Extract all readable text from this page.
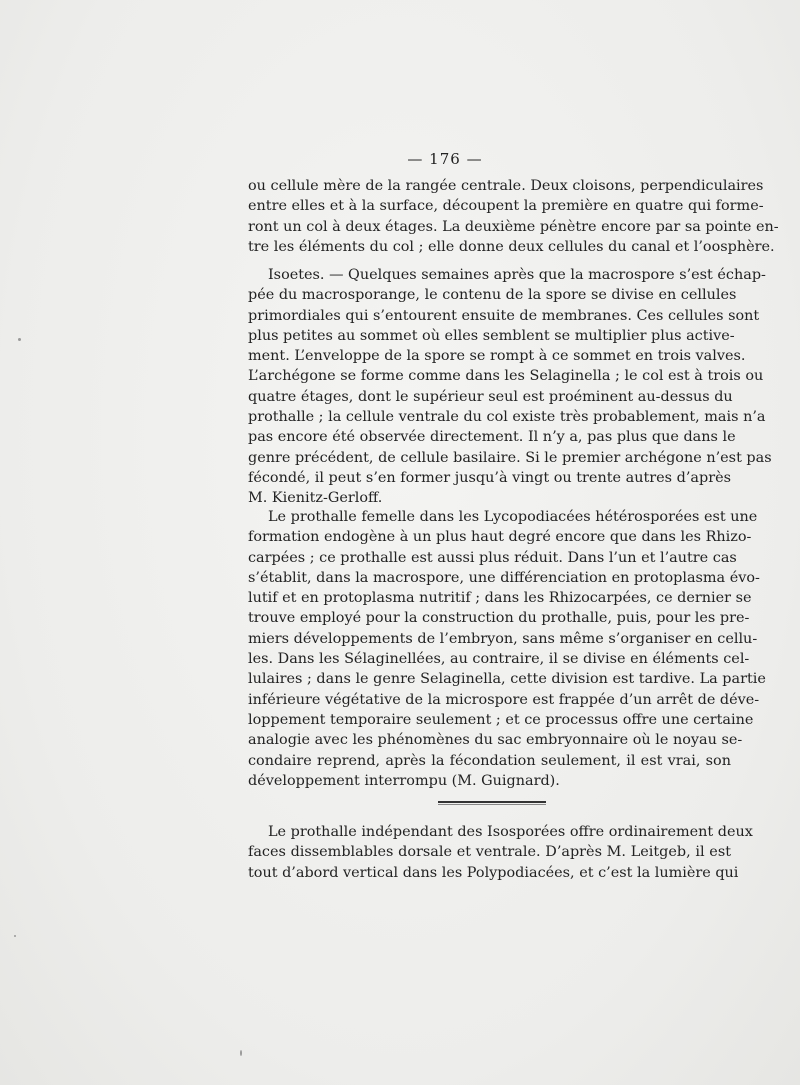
— 176 —
ou cellule mère de la rangée centrale. Deux cloisons, perpendiculaires
entre elles et à la surface, découpent la première en quatre qui forme-
ront un col à deux étages. La deuxième pénètre encore par sa pointe en-
tre les éléments du col ; elle donne deux cellules du canal et l’oosphère.
Isoetes. — Quelques semaines après que la macrospore s’est échap-
pée du macrosporange, le contenu de la spore se divise en cellules
primordiales qui s’entourent ensuite de membranes. Ces cellules sont
plus petites au sommet où elles semblent se multiplier plus active-
ment. L’enveloppe de la spore se rompt à ce sommet en trois valves.
L’archégone se forme comme dans les Selaginella ; le col est à trois ou
quatre étages, dont le supérieur seul est proéminent au-dessus du
prothalle ; la cellule ventrale du col existe très probablement, mais n’a
pas encore été observée directement. Il n’y a, pas plus que dans le
genre précédent, de cellule basilaire. Si le premier archégone n’est pas
fécondé, il peut s’en former jusqu’à vingt ou trente autres d’après
M. Kienitz-Gerloff.
Le prothalle femelle dans les Lycopodiacées hétérosporées est une
formation endogène à un plus haut degré encore que dans les Rhizo-
carpées ; ce prothalle est aussi plus réduit. Dans l’un et l’autre cas
s’établit, dans la macrospore, une différenciation en protoplasma évo-
lutif et en protoplasma nutritif ; dans les Rhizocarpées, ce dernier se
trouve employé pour la construction du prothalle, puis, pour les pre-
miers développements de l’embryon, sans même s’organiser en cellu-
les. Dans les Sélaginellées, au contraire, il se divise en éléments cel-
lulaires ; dans le genre Selaginella, cette division est tardive. La partie
inférieure végétative de la microspore est frappée d’un arrêt de déve-
loppement temporaire seulement ; et ce processus offre une certaine
analogie avec les phénomènes du sac embryonnaire où le noyau se-
condaire reprend, après la fécondation seulement, il est vrai, son
développement interrompu (M. Guignard).
Le prothalle indépendant des Isosporées offre ordinairement deux
faces dissemblables dorsale et ventrale. D’après M. Leitgeb, il est
tout d’abord vertical dans les Polypodiacées, et c’est la lumière qui
